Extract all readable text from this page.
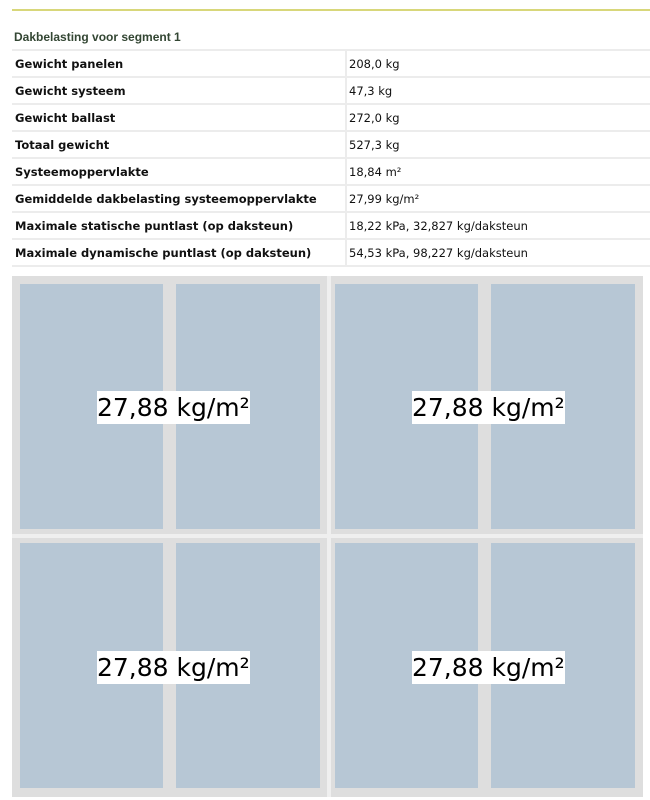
Dakbelasting voor segment 1
Gewicht panelen	208,0 kg
Gewicht systeem	47,3 kg
Gewicht ballast	272,0 kg
Totaal gewicht	527,3 kg
Systeemoppervlakte	18,84 m²
Gemiddelde dakbelasting systeemoppervlakte	27,99 kg/m²
Maximale statische puntlast (op daksteun)	18,22 kPa, 32,827 kg/daksteun
Maximale dynamische puntlast (op daksteun)	54,53 kPa, 98,227 kg/daksteun
27,88 kg/m²	27,88 kg/m²
27,88 kg/m²	27,88 kg/m²
